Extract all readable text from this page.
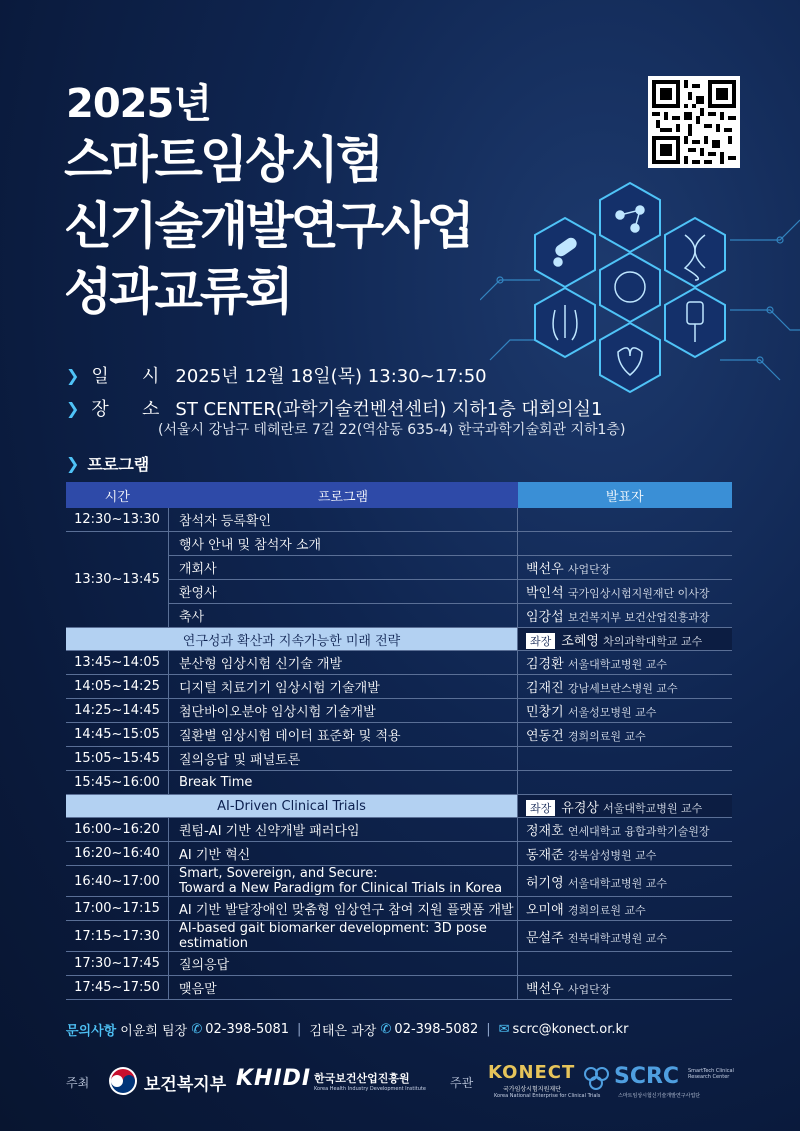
2025년
스마트임상시험
신기술개발연구사업
성과교류회
❯ 일 시 2025년 12월 18일(목) 13:30~17:50
❯ 장 소 ST CENTER(과학기술컨벤션센터) 지하1층 대회의실1
(서울시 강남구 테헤란로 7길 22(역삼동 635-4) 한국과학기술회관 지하1층)
❯ 프로그램
시간	프로그램	발표자
12:30~13:30	참석자 등록확인	
13:30~13:45	행사 안내 및 참석자 소개	
	개회사	백선우 사업단장
	환영사	박인석 국가임상시험지원재단 이사장
	축사	임강섭 보건복지부 보건산업진흥과장
연구성과 확산과 지속가능한 미래 전략		좌장 조혜영 차의과학대학교 교수
13:45~14:05	분산형 임상시험 신기술 개발	김경환 서울대학교병원 교수
14:05~14:25	디지털 치료기기 임상시험 기술개발	김재진 강남세브란스병원 교수
14:25~14:45	첨단바이오분야 임상시험 기술개발	민창기 서울성모병원 교수
14:45~15:05	질환별 임상시험 데이터 표준화 및 적용	연동건 경희의료원 교수
15:05~15:45	질의응답 및 패널토론	
15:45~16:00	Break Time	
AI-Driven Clinical Trials		좌장 유경상 서울대학교병원 교수
16:00~16:20	퀀텀-AI 기반 신약개발 패러다임	정재호 연세대학교 융합과학기술원장
16:20~16:40	AI 기반 혁신	동재준 강북삼성병원 교수
16:40~17:00	Smart, Sovereign, and Secure:
Toward a New Paradigm for Clinical Trials in Korea	허기영 서울대학교병원 교수
17:00~17:15	AI 기반 발달장애인 맞춤형 임상연구 참여 지원 플랫폼 개발	오미애 경희의료원 교수
17:15~17:30	AI-based gait biomarker development: 3D pose estimation	문설주 전북대학교병원 교수
17:30~17:45	질의응답	
17:45~17:50	맺음말	백선우 사업단장
문의사항 이윤희 팀장
✆ 02-398-5081 | 김태은 과장
✆ 02-398-5082 | ✉ scrc@konect.or.kr
주최	보건복지부 KHIDI 한국보건산업진흥원
Korea Health Industry Development Institute 주관 KONECT
국가임상시험지원재단
Korea National Enterprise for Clinical Trials
SCRC SmartTech Clinical Research Center
스마트임상시험신기술개발연구사업단
